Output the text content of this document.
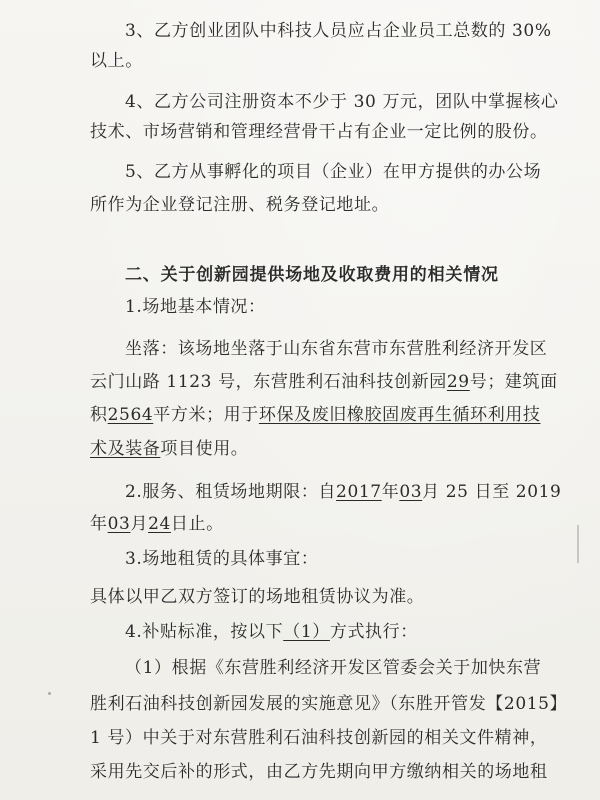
3、乙方创业团队中科技人员应占企业员工总数的 30%
以上。
4、乙方公司注册资本不少于 30 万元，团队中掌握核心
技术、市场营销和管理经营骨干占有企业一定比例的股份。
5、乙方从事孵化的项目（企业）在甲方提供的办公场
所作为企业登记注册、税务登记地址。
二、关于创新园提供场地及收取费用的相关情况
1.场地基本情况：
坐落：该场地坐落于山东省东营市东营胜利经济开发区
云门山路 1123 号，东营胜利石油科技创新园29号；建筑面
积2564平方米；用于环保及废旧橡胶固废再生循环利用技
术及装备项目使用。
2.服务、租赁场地期限：自2017年03月 25 日至 2019
年03月24日止。
3.场地租赁的具体事宜：
具体以甲乙双方签订的场地租赁协议为准。
4.补贴标准，按以下（1）方式执行：
（1）根据《东营胜利经济开发区管委会关于加快东营
胜利石油科技创新园发展的实施意见》（东胜开管发【2015】
1 号）中关于对东营胜利石油科技创新园的相关文件精神，
采用先交后补的形式，由乙方先期向甲方缴纳相关的场地租
